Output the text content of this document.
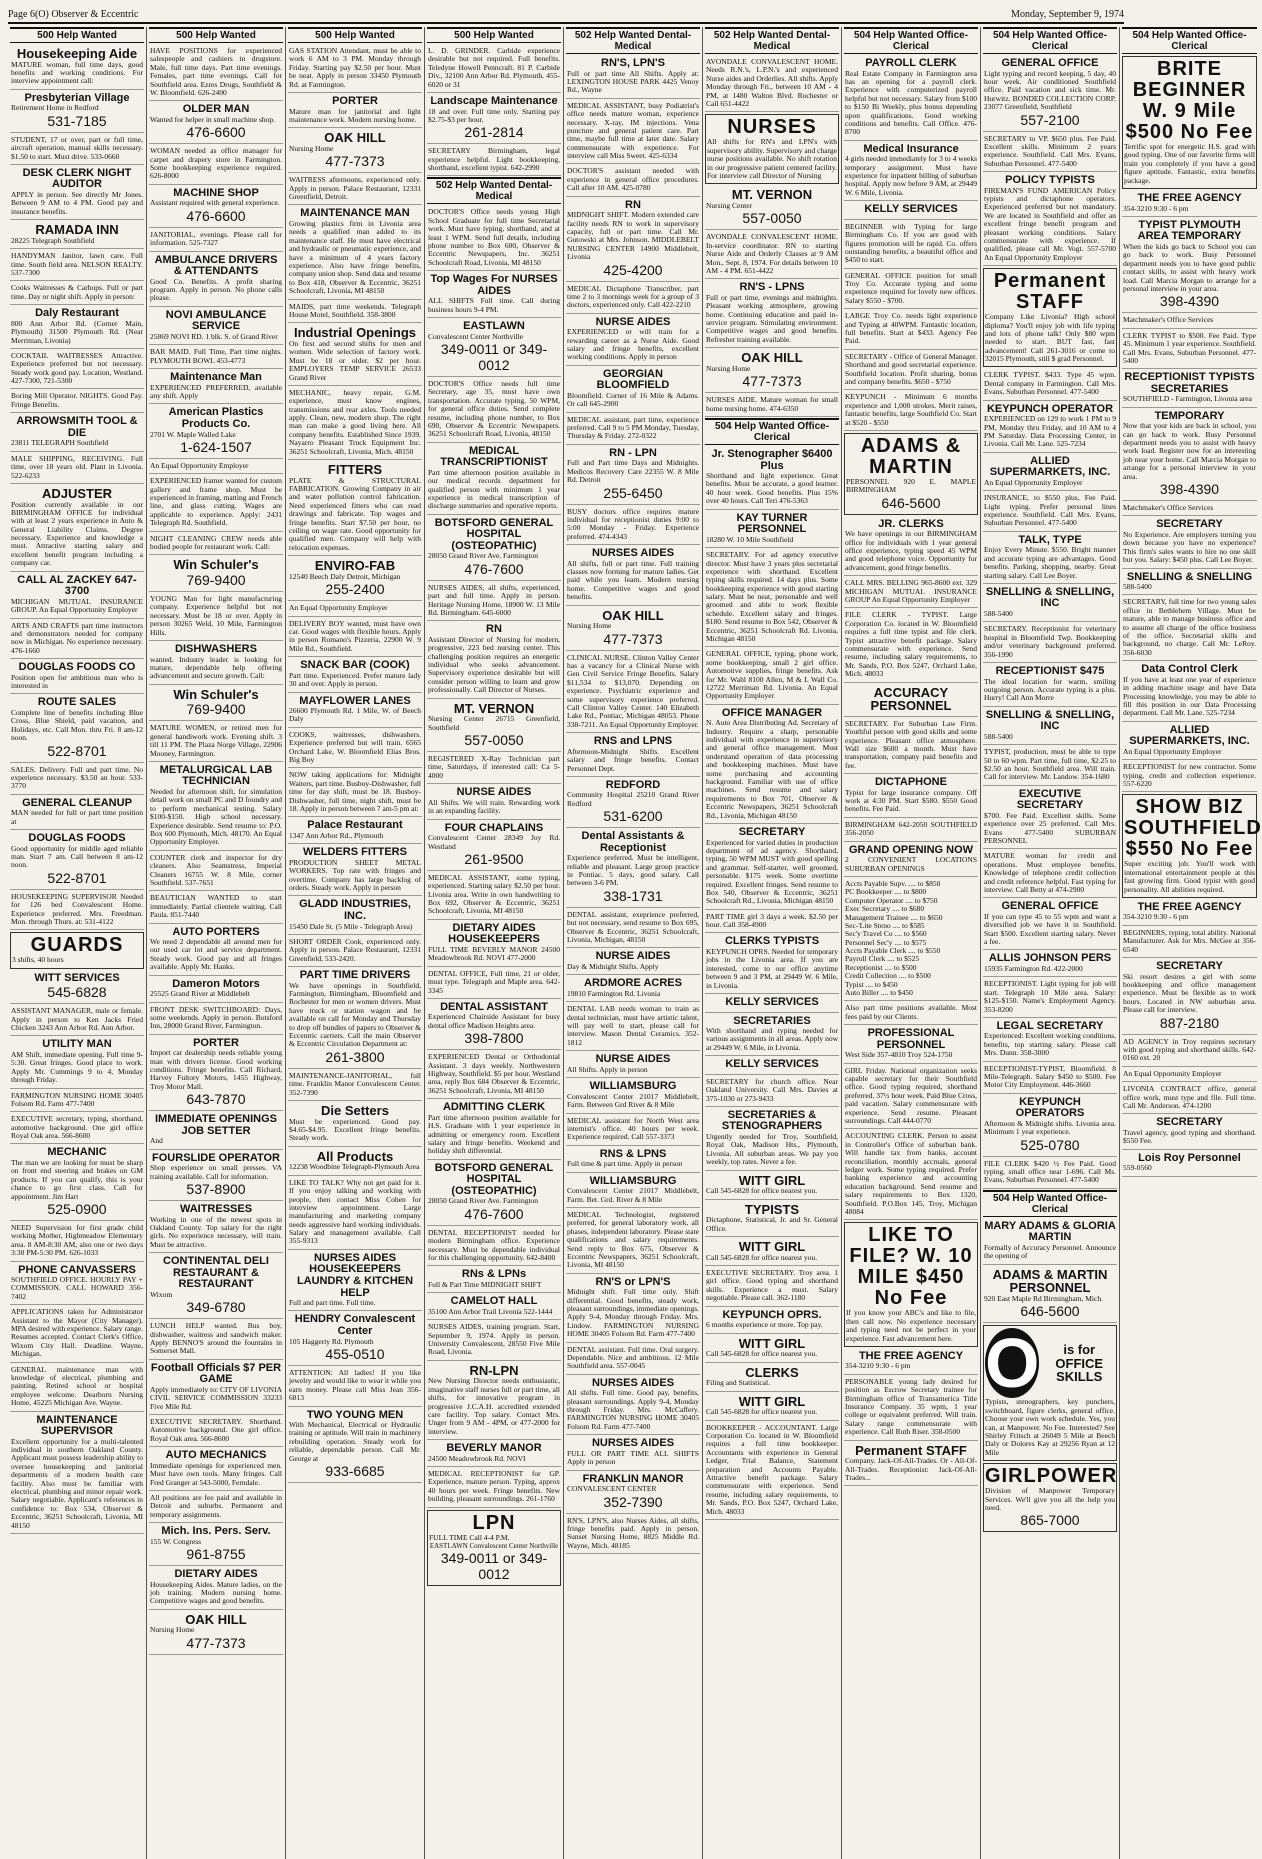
Page 6(O) Observer & Eccentric	Monday, September 9, 1974
500 Help Wanted
Housekeeping Aide
MATURE woman, full time days, good benefits and working conditions. For interview appointment call:
Presbyterian Village
Retirement Home in Redford
531-7185
STUDENT, 17 or over, part or full time, aircraft operation, manual skills necessary. $1.50 to start. Must drive. 533-0660
DESK CLERK NIGHT AUDITOR
APPLY in person. See directly Mr Jones. Between 9 AM to 4 PM. Good pay and insurance benefits.
RAMADA INN
28225 Telegraph Southfield
HANDYMAN Janitor, lawn care. Full time. South field area. NELSON REALTY. 537-7300
Cooks Waitresses & Carhops. Full or part time. Day or night shift. Apply in person:
Daly Restaurant
800 Ann Arbor Rd. (Corner Main, Plymouth) 31500 Plymouth Rd. (Near Merriman, Livonia)
COCKTAIL WAITRESSES Attractive. Experience preferred but not necessary. Steady work good pay. Location, Westland. 427-7300, 721-5300
Boring Mill Operator. NIGHTS. Good Pay. Fringe Benefits.
ARROWSMITH TOOL & DIE
23811 TELEGRAPH Southfield
MALE SHIPPING, RECEIVING. Full time, over 18 years old. Plant in Livonia. 522-6233
ADJUSTER
Position currently available in our BIRMINGHAM OFFICE for individual with at least 2 years experience in Auto & General Liability Claims. Degree necessary. Experience and knowledge a must. Attractive starting salary and excellent benefit program including a company car.
CALL AL ZACKEY 647-3700
MICHIGAN MUTUAL INSURANCE GROUP. An Equal Opportunity Employer
ARTS AND CRAFTS part time instructors and demonstrators needed for company now in Michigan. No experience necessary. 476-1660
DOUGLAS FOODS CO
Position open for ambitious man who is interested in
ROUTE SALES
Complete line of benefits including Blue Cross, Blue Shield, paid vacation, and Holidays, etc. Call Mon. thru Fri. 8 am-12 noon.
522-8701
SALES. Delivery. Full and part time. No experience necessary. $3.50 an hour. 533-3770
GENERAL CLEANUP
MAN needed for full or part time position at
DOUGLAS FOODS
Good opportunity for middle aged reliable man. Start 7 am. Call between 8 am-12 noon.
522-8701
HOUSEKEEPING SUPERVISOR Needed for 126 bed Convalescent Home. Experience preferred. Mrs. Freedman. Mon. through Thurs. at: 531-4122
GUARDS
3 shifts, 40 hours
WITT SERVICES
545-6828
ASSISTANT MANAGER, male or female. Apply in person to Ken Jacks Fried Chicken 3243 Ann Arbor Rd. Ann Arbor.
UTILITY MAN
AM Shift, immediate opening. Full time 9-5:30. Great fringes. Good place to work. Apply Mr. Cummings 9 to 4, Monday through Friday.
FARMINGTON NURSING HOME 30405 Folsom Rd. Farm 477-7400
EXECUTIVE secretary, typing, shorthand, automotive background. One girl office Royal Oak area. 566-8600
MECHANIC
The man we are looking for must be sharp on front end steering and brakes on GM products. If you can qualify, this is your chance to go first class. Call for appointment. Jim Hart
525-0900
NEED Supervision for first grade child working Mother, Highmeadow Elementary area. 8 AM-8:30 AM, also one or two days 3:30 PM-5:30 PM. 626-1033
PHONE CANVASSERS
SOUTHFIELD OFFICE. HOURLY PAY + COMMISSION. CALL HOWARD 356-7402
APPLICATIONS taken for Administrator Assistant to the Mayor (City Manager). MPA desired with experience. Salary range. Resumes accepted. Contact Clerk's Office, Wixom City Hall. Deadline. Wayne, Michigan.
GENERAL maintenance man with knowledge of electrical, plumbing and painting. Retired school or hospital employee welcome. Dearborn Nursing Home, 45225 Michigan Ave. Wayne.
MAINTENANCE SUPERVISOR
Excellent opportunity for a multi-talented individual in southern Oakland County. Applicant must possess leadership ability to oversee housekeeping and janitorial departments of a modern health care facility. Also must be familiar with electrical, plumbing and minor repair work. Salary negotiable. Applicant's references in confidence to: Box 534, Observer & Eccentric, 36251 Schoolcraft, Livonia, MI 48150
500 Help Wanted
HAVE POSITIONS for experienced salespeople and cashiers in drugstore. Male, full time days. Part time evenings. Females, part time evenings. Call for Southfield area. Ezres Drugs, Southfield & W. Bloomfield. 626-2400
OLDER MAN
Wanted for helper in small machine shop.
476-6600
WOMAN needed as office manager for carpet and drapery store in Farmington. Some bookkeeping experience required. 626-8000
MACHINE SHOP
Assistant required with general experience.
476-6600
JANITORIAL, evenings. Please call for information. 525-7327
AMBULANCE DRIVERS & ATTENDANTS
Good Co. Benefits. A profit sharing program. Apply in person. No phone calls please.
NOVI AMBULANCE SERVICE
25869 NOVI RD. 1 blk. S. of Grand River
BAR MAID. Full Time, Part time nights. PLYMOUTH BOWL 453-4773
Maintenance Man
EXPERIENCED PREFERRED, available any shift. Apply
American Plastics Products Co.
2701 W. Maple Walled Lake
1-624-1507
An Equal Opportunity Employer
EXPERIENCED framer wanted for custom gallery and frame shop. Must be experienced in framing, matting and French line, and glass cutting. Wages are applicable to experience. Apply: 2431 Telegraph Rd. Southfield.
NIGHT CLEANING CREW needs able bodied people for restaurant work. Call:
Win Schuler's
769-9400
YOUNG Man for light manufacturing company. Experience helpful but not necessary. Must be 18 or over. Apply in person 30265 Weld, 10 Mile, Farmington Hills.
DISHWASHERS
wanted. Industry leader is looking for mature, dependable help offering advancement and secure growth. Call:
Win Schuler's
769-9400
MATURE WOMEN, or retired men for general handiwork work. Evening shift. 3 till 11 PM. The Plaza Norge Village, 22906 Mooney, Farmington.
METALURGICAL LAB TECHNICIAN
Needed for afternoon shift, for simulation detail work on small PC and D foundry and to perform mechanical testing. Salary $100-$150. High school necessary. Experience desirable. Send resume to: P.O. Box 600 Plymouth, Mich. 48170. An Equal Opportunity Employer.
COUNTER clerk and inspector for dry cleaners. Also Seamstress, Imperial Cleaners 16755 W. 8 Mile, corner Southfield. 537-7651
BEAUTICIAN WANTED to start immediately. Partial clientele waiting. Call Paula. 851-7440
AUTO PORTERS
We need 2 dependable all around men for our used car lot and service department. Steady work. Good pay and all fringes available. Apply Mr. Hanks.
Dameron Motors
25525 Grand River at Middlebelt
FRONT DESK SWITCHBOARD: Days, some weekends. Apply in person. Botsford Inn, 28000 Grand River, Farmington.
PORTER
Import car dealership needs reliable young man with drivers license. Good working conditions. Fringe benefits. Call Richard, Harvey Fultory Motors, 1455 Highway, Troy Motor Mall.
643-7870
IMMEDIATE OPENINGS JOB SETTER
And
FOURSLIDE OPERATOR
Shop experience on small presses. VA training available. Call for information.
537-8900
WAITRESSES
Working in one of the newest spots in Oakland County. Top salary for the right girls. No experience necessary, will train. Must be attractive.
CONTINENTAL DELI RESTAURANT & RESTAURANT
Wixom
349-6780
LUNCH HELP wanted. Bus boy, dishwasher, waitress and sandwich maker. Apply BENNO'S around the fountains in Somerset Mall.
Football Officials $7 PER GAME
Apply immediately to: CITY OF LIVONIA CIVIL SERVICE COMMISSION 33233 Five Mile Rd.
EXECUTIVE SECRETARY. Shorthand. Automotive background. One girl office. Royal Oak area. 566-8600
AUTO MECHANICS
Immediate openings for experienced men. Must have own tools. Many fringes. Call Fred Granger at 543-5000, Ferndale.
All positions are fee paid and available in Detroit and suburbs. Permanent and temporary assignments.
Mich. Ins. Pers. Serv.
155 W. Congress
961-8755
DIETARY AIDES
Housekeeping Aides. Mature ladies, on the job training. Modern nursing home. Competitive wages and good benefits.
OAK HILL
Nursing Home
477-7373
500 Help Wanted
GAS STATION Attendant, must be able to work 6 AM to 3 PM. Monday through Friday. Starting pay $2.50 per hour. Must be neat. Apply in person 33450 Plymouth Rd. at Farmington.
PORTER
Mature man for janitorial and light maintenance work. Modern nursing home.
OAK HILL
Nursing Home
477-7373
WAITRESS afternoons, experienced only. Apply in person. Palace Restaurant, 12331 Greenfield, Detroit.
MAINTENANCE MAN
Growing plastics firm in Livonia area needs a qualified man added to its maintenance staff. He must have electrical and hydraulic or pneumatic experience, and have a minimum of 4 years factory experience. Also have fringe benefits, company union shop. Send data and resume to Box 418, Observer & Eccentric, 36251 Schoolcraft, Livonia, MI 48150
MAIDS, part time weekends. Telegraph House Motel, Southfield. 358-3800
Industrial Openings
On first and second shifts for men and women. Wide selection of factory work. Must be 18 or older. $2 per hour. EMPLOYERS TEMP SERVICE 26533 Grand River
MECHANIC, heavy repair, G.M. experience, must know engines, transmissions and rear axles. Tools needed apply. Clean, new, modern shop. The right man can make a good living here. All company benefits. Established Since 1939. Nayarro Pleasant Truck Equipment Inc. 36251 Schoolcraft, Livonia, Mich. 48150
FITTERS
PLATE & STRUCTURAL FABRICATION. Growing Company in air and water pollution control fabrication. Need experienced fitters who can read drawings and fabricate. Top wages and fringe benefits. Start $7.50 per hour, no ceiling on wage rate. Good opportunity for qualified men. Company will help with relocation expenses.
ENVIRO-FAB
12540 Beech Daly Detroit, Michigan
255-2400
An Equal Opportunity Employer
DELIVERY BOY wanted, must have own car. Good wages with flexible hours. Apply in person Romano's Pizzeria, 22900 W. 9 Mile Rd., Southfield.
SNACK BAR (COOK)
Part time. Experienced. Prefer mature lady 30 and over. Apply in person.
MAYFLOWER LANES
26600 Plymouth Rd. 1 Mile, W. of Beech Daly
COOKS, waitresses, dishwashers. Experience preferred but will train. 6565 Orchard Lake, W. Bloomfield Elias Bros. Big Boy
NOW taking applications for: Midnight Waiters, part time. Busboy-Dishwasher, full time for day shift, must be 18. Busboy-Dishwasher, full time, night shift, must be 18. Apply in person between 7 am-5 pm at:
Palace Restaurant
1347 Ann Arbor Rd., Plymouth
WELDERS FITTERS
PRODUCTION SHEET METAL WORKERS. Top rate with fringes and overtime. Company has large backlog of orders. Steady work. Apply in person
GLADD INDUSTRIES, INC.
15450 Dale St. (5 Mile - Telegraph Area)
SHORT ORDER Cook, experienced only. Apply in person. Palace Restaurant, 12331 Greenfield, 533-2420.
PART TIME DRIVERS
We have openings in Southfield, Farmington, Birmingham, Bloomfield and Rochester for men or women drivers. Must have truck or station wagon and be available on call for Monday and Thursday to drop off bundles of papers to Observer & Eccentric carriers. Call the main Observer & Eccentric Circulation Department at:
261-3800
MAINTENANCE-JANITORIAL, full time. Franklin Manor Convalescent Center. 352-7390
Die Setters
Must be experienced. Good pay. $4.65-$4.95. Excellent fringe benefits. Steady work.
All Products
12238 Woodbine Telegraph-Plymouth Area
LIKE TO TALK? Why not get paid for it. If you enjoy talking and working with people, then contact Miss Cohen for interview appointment. Large manufacturing and marketing company needs aggressive hard working individuals. Salary and management available. Call 355-9313
NURSES AIDES HOUSEKEEPERS LAUNDRY & KITCHEN HELP
Full and part time. Full time.
HENDRY Convalescent Center
105 Haggerty Rd. Plymouth
455-0510
ATTENTION: All ladies! If you like jewelry and would like to wear it while you earn money. Please call Miss Jean 356-6813
TWO YOUNG MEN
With Mechanical, Electrical or Hydraulic training or aptitude. Will train in machinery rebuilding operation. Steady work for reliable, dependable person. Call Mr. George at
933-6685
500 Help Wanted
L. D. GRINDER. Carbide experience desirable but not required. Full benefits. Teledyne Howell Penncraft. 81 P. Carbide Div., 32100 Ann Arbor Rd. Plymouth. 455-6020 or 31
Landscape Maintenance
18 and over. Full time only. Starting pay $2.75-$3 per hour.
261-2814
SECRETARY Birmingham, legal experience helpful. Light bookkeeping, shorthand, excellent typist. 642-2990
502 Help Wanted Dental-Medical
DOCTOR'S Office needs young High School Graduate for full time Secretarial work. Must have typing, shorthand, and at least 1 WPM. Send full details, including phone number to Box 600, Observer & Eccentric Newspapers, Inc. 36251 Schoolcraft Road, Livonia, MI 48150
Top Wages For NURSES AIDES
ALL SHIFTS Full time. Call during business hours 9-4 PM.
EASTLAWN
Convalescent Center Northville
349-0011 or 349-0012
DOCTOR'S Office needs full time Secretary, age 35, must have own transportation. Accurate typing, 50 WPM, for general office duties. Send complete resume, including phone number, to Box 690, Observer & Eccentric Newspapers. 36251 Schoolcraft Road, Livonia, 48150
MEDICAL TRANSCRIPTIONIST
Part time afternoon position available in our medical records department for qualified person with minimum 1 year experience in medical transcription of discharge summaries and operative reports.
BOTSFORD GENERAL HOSPITAL (OSTEOPATHIC)
28050 Grand River Ave. Farmington
476-7600
NURSES AIDES, all shifts, experienced, part and full time. Apply in person. Heritage Nursing Home, 18900 W. 13 Mile Rd. Birmingham. 645-6000
RN
Assistant Director of Nursing for modern, progressive, 223 bed nursing center. This challenging position requires an energetic individual who seeks advancement. Supervisory experience desirable but will consider person willing to learn and grow professionally. Call Director of Nurses.
MT. VERNON
Nursing Center 26715 Greenfield, Southfield
557-0050
REGISTERED X-Ray Technician part time, Saturdays, if interested call: Ca 5-4000
NURSE AIDES
All Shifts. We will train. Rewarding work in an expanding facility.
FOUR CHAPLAINS
Convalescent Center 28349 Joy Rd. Westland
261-9500
MEDICAL ASSISTANT, some typing, experienced. Starting salary $2.50 per hour. Livonia area. Write in own handwriting to Box 692, Observer & Eccentric, 36251 Schoolcraft, Livonia, MI 48150
DIETARY AIDES HOUSEKEEPERS
FULL TIME BEVERLY MANOR 24500 Meadowbrook Rd. NOVI 477-2000
DENTAL OFFICE, Full time, 21 or older, must type. Telegraph and Maple area. 642-3345
DENTAL ASSISTANT
Experienced Chairside Assistant for busy dental office Madison Heights area.
398-7800
EXPERIENCED Dental or Orthodontal Assistant. 3 days weekly. Northwestern Highway, Southfield. $5 per hour. Westland area, reply Box 684 Observer & Eccentric, 36251 Schoolcraft, Livonia, MI 48150
ADMITTING CLERK
Part time afternoon position available for H.S. Graduate with 1 year experience in admitting or emergency room. Excellent salary and fringe benefits. Weekend and holiday shift differential.
BOTSFORD GENERAL HOSPITAL (OSTEOPATHIC)
28050 Grand River Ave. Farmington
476-7600
DENTAL RECEPTIONIST needed for modern Birmingham office. Experience necessary. Must be dependable individual for this challenging opportunity. 642-8400
RNs & LPNs
Full & Part Time MIDNIGHT SHIFT
CAMELOT HALL
35100 Ann Arbor Trail Livonia 522-1444
NURSES AIDES, training program. Start, September 9, 1974. Apply in person. University Convalescent, 28550 Five Mile Road, Livonia.
RN-LPN
New Nursing Director needs enthusiastic, imaginative staff nurses full or part time, all shifts, for innovative program in progressive J.C.A.H. accredited extended care facility. Top salary. Contact Mrs. Unger from 9 AM - 4PM, or 477-2000 for interview.
BEVERLY MANOR
24500 Meadowbrook Rd. NOVI
MEDICAL RECEPTIONIST for GP. Experience, mature person. Typing, approx 40 hours per week. Fringe benefits. New building, pleasant surroundings. 261-1760
LPN
FULL TIME Call 4-4 P.M.
EASTLAWN Convalescent Center Northville
349-0011 or 349-0012
502 Help Wanted Dental-Medical
RN'S, LPN'S
Full or part time All Shifts. Apply at: LEXINGTON HOUSE PARK 4425 Venoy Rd., Wayne
MEDICAL ASSISTANT, busy Podiatrist's office needs mature woman, experience necessary. X-ray, IM injections. Vena puncture and general patient care. Part time, maybe full time at later date. Salary commensurate with experience. For interview call Miss Sweet. 425-6334
DOCTOR'S assistant needed with experience in general office procedures. Call after 10 AM. 425-0780
RN
MIDNIGHT SHIFT. Modern extended care facility needs RN to work in supervisory capacity, full or part time. Call Mr. Gutowski at Mrs. Johnson. MIDDLEBELT NURSING CENTER 14900 Middlebelt, Livonia
425-4200
MEDICAL Dictaphone Transcriber, part time 2 to 3 mornings week for a group of 3 doctors, experienced only. Call 422-2210
NURSE AIDES
EXPERIENCED or will train for a rewarding career as a Nurse Aide. Good salary and fringe benefits, excellent working conditions. Apply in person
GEORGIAN BLOOMFIELD
Bloomfield. Corner of 16 Mile & Adams. Or call 645-2900
MEDICAL assistant, part time, experience preferred. Call 9 to 5 PM Monday, Tuesday, Thursday & Friday. 272-0322
RN - LPN
Full and Part time Days and Midnights. Medicos Recovery Care 22355 W. 8 Mile Rd. Detroit
255-6450
BUSY doctors office requires mature individual for receptionist duties 9:00 to 5:00 Monday - Friday. Experience preferred. 474-4343
NURSES AIDES
All shifts, full or part time. Full training classes now forming for mature ladies. Get paid while you learn. Modern nursing home. Competitive wages and good benefits.
OAK HILL
Nursing Home
477-7373
CLINICAL NURSE. Clinton Valley Center has a vacancy for a Clinical Nurse with Gen Civil Service Fringe Benefits. Salary $11,534 to $13,070. Depending on experience. Psychiatric experience and some supervisory experience preferred. Call Clinton Valley Center. 140 Elizabeth Lake Rd., Pontiac, Michigan 48053. Phone 338-7211. An Equal Opportunity Employer.
RNS and LPNS
Afternoon-Midnight Shifts. Excellent salary and fringe benefits. Contact Personnel Dept.
REDFORD
Community Hospital 25210 Grand River Redford
531-6200
Dental Assistants & Receptionist
Experience preferred. Must be intelligent, reliable and pleasant. Large group practice in Pontiac. 5 days, good salary. Call between 3-6 PM.
338-1731
DENTAL assistant, exeprience preferred, but not necessary, send resume to Box 695, Observer & Eccentric, 36251 Schoolcraft, Livonia, Michigan, 48150
NURSE AIDES
Day & Midnight Shifts. Apply
ARDMORE ACRES
19810 Farmington Rd. Livonia
DENTAL LAB needs woman to train as dental technician, must have artistic talent, will pay well to start, please call for interview. Mason Dental Ceramics. 352-1812
NURSE AIDES
All Shifts. Apply in person
WILLIAMSBURG
Convalescent Center 21017 Middlebelt, Farm. Between Grd River & 8 Mile
MEDICAL assistant for North West area internist's office. 40 hours per week. Experience required. Call 557-3373
RNS & LPNS
Full time & part time. Apply in person
WILLIAMSBURG
Convalescent Center 21017 Middlebelt, Farm. Bet. Grd. River & 8 Mile
MEDICAL Technologist, registered preferred, for general laboratory work, all phases, independent laboratory. Please state qualifications and salary requirements. Send reply to Box 675, Observer & Eccentric Newspapers, 36251 Schoolcraft, Livonia, MI 48150
RN'S or LPN'S
Midnight shift. Full time only. Shift differential. Good benefits, steady work, pleasant surroundings, immediate openings. Apply 9-4, Monday through Friday. Mrs. Lindow. FARMINGTON NURSING HOME 30405 Folsom Rd. Farm 477-7400
DENTAL assistant. Full time. Oral surgery. Dependable. Nice and ambitious. 12 Mile Southfield area. 557-0045
NURSES AIDES
All shifts. Full time. Good pay, benefits, pleasant surroundings. Apply 9-4, Monday through Friday. Mrs. McCaffery. FARMINGTON NURSING HOME 30405 Folsom Rd. Farm 477-7400
NURSES AIDES
FULL OR PART TIME ALL SHIFTS Apply in person
FRANKLIN MANOR
CONVALESCENT CENTER
352-7390
RN'S, LPN'S, also Nurses Aides, all shifts, fringe benefits paid. Apply in person. Sunset Nursing Home, 8825 Middle Rd. Wayne, Mich. 48185
502 Help Wanted Dental-Medical
AVONDALE CONVALESCENT HOME. Needs R.N.'s, L.P.N.'s and experienced Nurse aides and Orderlies. All shifts. Apply Monday through Fri., between 10 AM - 4 PM, at 1480 Walton Blvd. Rochester or Call 651-4422
NURSES
All shifts for RN's and LPN's with supervisory ability. Supervisory and charge nurse positions available. No shift rotation in our progressive patient centered facility. For interview call Director of Nursing
MT. VERNON
Nursing Center
557-0050
AVONDALE CONVALESCENT HOME. In-service coordinator. RN to starting Nurse Aide and Orderly Classes at 9 AM Mon., Sept. 8, 1974. For details between 10 AM - 4 PM. 651-4422
RN'S - LPNS
Full or part time, evenings and midnights. Pleasant working atmosphere, growing home. Continuing education and paid in-service program. Stimulating environment. Competitive wages and good benefits. Refresher training available.
OAK HILL
Nursing Home
477-7373
NURSES AIDE. Mature woman for small home nursing home. 474-6350
504 Help Wanted Office-Clerical
Jr. Stenographer $6400 Plus
Shorthand and light experience. Great benefits. Must be accurate, a good learner. 40 hour week. Good benefits. Plus 15% over 40 hours. Call Teri 476-5363
KAY TURNER PERSONNEL
18280 W. 10 Mile Southfield
SECRETARY. For ad agency executive director. Must have 3 years plus secretarial experience with shorthand. Excellent typing skills required. 14 days plus. Some bookkeeping experience with good starting salary. Must be neat, personable and well groomed and able to work flexible schedule. Excellent salary and fringes. $180. Send resume to Box 542, Observer & Eccentric, 36251 Schoolcraft Rd. Livonia, Michigan 48150
GENERAL OFFICE, typing, phone work, some bookkeeping, small 2 girl office. Automotive supplies, fringe benefits. Ask for Mr. Wahl 8100 Allen, M & L Wall Co. 12722 Merriman Rd. Livonia. An Equal Opportunity Employer
OFFICE MANAGER
N. Auto Area Distributing Ad. Secretary of Industry. Require a sharp, personable individual with experience in supervisory and general office management. Must understand operation of data processing and bookkeeping machines. Must have some purchasing and accounting background. Familiar with use of office machines. Send resume and salary requirements to Box 701, Observer & Eccentric Newspapers, 36251 Schoolcraft Rd., Livonia, Michigan 48150
SECRETARY
Experienced for varied duties in production department of ad agency. Shorthand, typing, 50 WPM MUST with good spelling and grammar. Self-starter, well groomed, personable. $175 week. Some overtime required. Excellent fringes. Send resume to Box 540, Observer & Eccentric, 36251 Schoolcraft Rd., Livonia, Michigan 48150
PART TIME girl 3 days a week. $2.50 per hour. Call 358-4900
CLERKS TYPISTS
KEYPUNCH OPRS. Needed for temporary jobs in the Livonia area. If you are interested, come to our office anytime between 9 and 3 PM, at 29449 W. 6 Mile, in Livonia.
KELLY SERVICES
SECRETARIES
With shorthand and typing needed for various assignments in all areas. Apply now at 29449 W. 6 Mile, in Livonia.
KELLY SERVICES
SECRETARY for church office. Near Oakland University. Call Mrs. Davies at 375-1030 or 273-9433
SECRETARIES & STENOGRAPHERS
Urgently needed for Troy, Southfield, Royal Oak, Madison Hts., Plymouth, Livonia. All suburban areas. We pay you weekly, top rates. Never a fee.
WITT GIRL
Call 545-6828 for office nearest you.
TYPISTS
Dictaphone, Statistical, Jr. and Sr. General Office.
WITT GIRL
Call 545-6828 for office nearest you.
EXECUTIVE SECRETARY. Troy area. 1 girl office. Good typing and shorthand skills. Experience a must. Salary negotiable. Please call. 362-1180
KEYPUNCH OPRS.
6 months experience or more. Top pay.
WITT GIRL
Call 545-6828 for office nearest you.
CLERKS
Filing and Statistical.
WITT GIRL
Call 545-6828 for office nearest you.
BOOKKEEPER - ACCOUNTANT. Large Corporation Co. located in W. Bloomfield requires a full time bookkeeper. Accountants with experience in General Ledger, Trial Balance, Statement preparation and Accounts Payable. Attractive benefit package. Salary commensurate with experience. Send resume, including salary requirements, to Mr. Sands, P.O. Box 5247, Orchard Lake, Mich. 48033
504 Help Wanted Office-Clerical
PAYROLL CLERK
Real Estate Company in Farmington area has an opening for a payroll clerk. Experience with computerized payroll helpful but not necessary. Salary from $100 to $150 Bi Weekly, plus bonus depending upon qualifications. Good working conditions and benefits. Call Office. 476-8700
Medical Insurance
4 girls needed immediately for 3 to 4 weeks temporary assignment. Must have experience for inpatient billing of suburban hospital. Apply now before 9 AM, at 29449 W. 6 Mile, Livonia.
KELLY SERVICES
BEGINNER with Typing for large Birmingham Co. If you are good with figures promotion will be rapid. Co. offers outstanding benefits, a beautiful office and $450 to start.
GENERAL OFFICE position for small Troy Co. Accurate typing and some experience required for lovely new offices. Salary $550 - $700.
LARGE Troy Co. needs light experience and Typing at 40WPM. Fantastic location, full benefits. Start at $433. Agency Fee Paid.
SECRETARY - Office of General Manager. Shorthand and good secretarial experience. Southfield location. Profit sharing, bonus and company benefits. $650 - $750
KEYPUNCH - Minimum 6 months experience and 1,000 strokes. Merit raises, fantastic benefits, large Southfield Co. Start at $520 - $550
ADAMS & MARTIN
PERSONNEL 920 E. MAPLE BIRMINGHAM
646-5600
JR. CLERKS
We have openings in our BIRMINGHAM office for individuals with 1 year general office experience, typing speed 45 WPM and good telephone voice. Opportunity for advancement, good fringe benefits.
CALL MRS. BELLING 965-8600 ext. 329 MICHIGAN MUTUAL INSURANCE GROUP An Equal Opportunity Employer
FILE CLERK - TYPIST. Large Corporation Co. located in W. Bloomfield requires a full time typist and file clerk. Typist attractive benefit package. Salary commensurate with experience. Send resume, including salary requirements, to Mr. Sands, P.O. Box 5247, Orchard Lake, Mich. 48033
ACCURACY PERSONNEL
SECRETARY. For Suburban Law Firm. Youthful person with good skills and some experience. Pleasant office atmosphere. Wall size $600 a month. Must have transportation, company paid benefits and fee.
DICTAPHONE
Typist for large insurance company. Off work at 4:30 PM. Start $580. $550 Good benefits. Fee Paid.
BIRMINGHAM 642-2050 SOUTHFIELD 356-2050
GRAND OPENING NOW
2 CONVENIENT LOCATIONS SUBURBAN OPENINGS
Accts Payable Supv. .... to $850
PC Bookkeeper .... to $800
Computer Operator .... to $750
Exec Secretary .... to $680
Management Trainee .... to $650
Sec-'Lite Steno .... to $585
Sec'y Travel Co .... to $560
Personnel Sec'y .... to $575
Accts Payable Clerk .... to $550
Payroll Clerk .... to $525
Receptionist .... to $500
Credit Collection .... to $500
Typist .... to $450
Auto Biller .... to $450
Also part time positions available. Most fees paid by our Clients.
PROFESSIONAL PERSONNEL
West Side 357-4810 Troy 524-1750
GIRL Friday. National organization seeks capable secretary for their Southfield office. Good typing required, shorthand preferred. 37½ hour week. Paid Blue Cross, paid vacation. Salary commensurate with experience. Send resume. Pleasant surroundings. Call 444-0770
ACCOUNTING CLERK. Person to assist in Controller's Office of suburban bank. Will handle tax from banks, account reconciliation, monthly accruals, general ledger work. Some typing required. Prefer banking experience and accounting education background. Send resume and salary requirements to Box 1320, Southfield. P.O.Box 145, Troy, Michigan 48084
LIKE TO FILE? W. 10 MILE $450 No Fee
If you know your ABC's and like to file, then call now. No experience necessary and typing need not be perfect in your experience. Fast advancement here.
THE FREE AGENCY
354-3210 9:30 - 6 pm
PERSONABLE young lady desired for position as Escrow Secretary trainee for Birmingham office of Transamerica Title Insurance Company. 35 wpm, 1 year college or equivalent preferred. Will train. Salary range commensurate with experience. Call Ruth Riser. 358-0500
Permanent STAFF
Company. Jack-Of-All-Trades. Or - All-Of-All-Trades. Receptionist: Jack-Of-All-Trades...
504 Help Wanted Office-Clerical
GENERAL OFFICE
Light typing and record keeping, 5 day, 40 hour week. Air conditioned Southfield office. Paid vacation and sick time. Mr. Hurwitz. BONDED COLLECTION CORP. 23077 Greenfield, Southfield
557-2100
SECRETARY to VP. $650 plus. Fee Paid. Excellent skills. Minimum 2 years experience. Southfield. Call Mrs. Evans, Suburban Personnel. 477-5400
POLICY TYPISTS
FIREMAN'S FUND AMERICAN Policy typists and dictaphone operators. Experienced preferred but not mandatory. We are located in Southfield and offer an excellent fringe benefit program and pleasant working conditions. Salary commensurate with experience. If qualified, please call Mr. Vogt. 557-5700 An Equal Opportunity Employer
Permanent STAFF
Company Like Livonia? High school diploma? You'll enjoy job with life typing and lots of phone talk! Only $80 wpm needed to start. BUT fast, fast advancement! Call 261-3016 or come to 32015 Plymouth, still $ grad Personnel.
CLERK TYPIST. $433. Type 45 wpm. Dental company in Farmington. Call Mrs. Evans, Suburban Personnel. 477-5400
KEYPUNCH OPERATOR
EXPERIENCED on 129 to work 1 PM to 9 PM, Monday thru Friday, and 10 AM to 4 PM Saturday. Data Processing Center, in Livonia. Call Mr. Lane. 525-7234
ALLIED SUPERMARKETS, INC.
An Equal Opportunity Employer
INSURANCE, to $550 plus, Fee Paid. Light typing. Prefer personal lines experience. Southfield. Call Mrs. Evans, Suburban Personnel. 477-5400
TALK, TYPE
Enjoy Every Minute. $550. Bright manner and accurate typing are advantages. Good benefits. Parking, shopping, nearby. Great starting salary. Call Lee Boyer.
SNELLING & SNELLING, INC
588-5400
SECRETARY. Receptionist for veterinary hospital in Bloomfield Twp. Bookkeeping and/or veterinary background preferred. 356-1990
RECEPTIONIST $475
The ideal location for warm, smiling outgoing person. Accurate typing is a plus. Hurry! Call Ann Morre
SNELLING & SNELLING, INC
588-5400
TYPIST, production, must be able to type 50 to 60 wpm. Part time, full time, $2.25 to $2.50 an hour. Southfield area. Will train. Call for interview. Mr. Landow. 354-1680
EXECUTIVE SECRETARY
$700. Fee Paid. Excellent skills. Some experience over 25 preferred. Call Mrs. Evans 477-5400 SUBURBAN PERSONNEL
MATURE woman for credit and operations. Must employee benefits. Knowledge of telephone credit collection and credit reference helpful. Fast typing for interview. Call Betty at 474-2900
GENERAL OFFICE
If you can type 45 to 55 wpm and want a diversified job we have it in Southfield. Start $500. Excellent starting salary. Never a fee.
ALLIS JOHNSON PERS
15935 Farmington Rd. 422-2000
RECEPTIONIST. Light typing for job will start. Telegraph 10 Mile area. Salary: $125-$150. Name's Employment Agency. 353-8200
LEGAL SECRETARY
Experienced: Excellent working conditions, benefits, top starting salary. Please call Mrs. Dunn. 358-3000
RECEPTIONIST-TYPIST, Bloomfield. 8 Mile-Telegraph. Salary $450 to $500. Fee Motor City Employment. 446-3660
KEYPUNCH OPERATORS
Afternoon & Midnight shifts. Livonia area. Minimum 1 year experience.
525-0780
FILE CLERK $420 ½ Fee Paid. Good typing, small office near 1-696. Call Ms. Evans, Suburban Personnel. 477-5400
504 Help Wanted Office-Clerical
MARY ADAMS & GLORIA MARTIN
Formally of Accuracy Personnel. Announce the opening of
ADAMS & MARTIN PERSONNEL
920 East Maple Rd Birmingham, Mich.
646-5600
O	is for OFFICE SKILLS
Typists, stenographers, key punchers, switchboard, figure clerks, general office. Choose your own work schedule. Yes, you can, at Manpower. No Fee. Interested? See Shirley Fritsch at 26049 5 Mile at Beech Daly or Dolores Kay at 29256 Ryan at 12 Mile
GIRLPOWER
Division of Manpower Temporary Services. We'll give you all the help you need.
865-7000
504 Help Wanted Office-Clerical
BRITE BEGINNER W. 9 Mile $500 No Fee
Terrific spot for energetic H.S. grad with good typing. One of our favorite firms will train you completely if you have a good figure aptitude. Fantastic, extra benefits package.
THE FREE AGENCY
354-3210 9:30 - 6 pm
TYPIST PLYMOUTH AREA TEMPORARY
When the kids go back to School you can go back to work. Busy Personnel department needs you to have good public contact skills, to assist with heavy work load. Call Marcia Morgan to arrange for a personal interview in your area.
398-4390
Matchmaker's Office Services
CLERK TYPIST to $500. Fee Paid. Type 45. Minimum 1 year experience. Southfield. Call Mrs. Evans, Suburban Personnel. 477-5400
RECEPTIONIST TYPISTS SECRETARIES
SOUTHFIELD - Farmington, Livonia area
TEMPORARY
Now that your kids are back in school, you can go back to work. Busy Personnel department needs you to assist with heavy work load. Register now for an interesting job near your home. Call Marcia Morgan to arrange for a personal interview in your area.
398-4390
Matchmaker's Office Services
SECRETARY
No Experience. Are employers turning you down because you have no experience? This firm's sales wants to hire no one skill but you. Salary: $450 plus. Call Lee Boyer.
SNELLING & SNELLING
588-5400
SECRETARY, full time for two young sales office in Bethlehem Village. Must be mature, able to manage business office and to assume all charge of the office business of the office. Secretarial skills and background, no charge. Call Mr. LeRoy. 356-6030
Data Control Clerk
If you have at least one year of experience in adding machine usage and have Data Processing knowledge, you may be able to fill this position in our Data Processing department. Call Mr. Lane. 525-7234
ALLIED SUPERMARKETS, INC.
An Equal Opportunity Employer
RECEPTIONIST for new contractor. Some typing, credit and collection experience. 557-6220
SHOW BIZ SOUTHFIELD $550 No Fee
Super exciting job. You'll work with international entertainment people at this fast growing firm. Good typist with good personality. All abilities required.
THE FREE AGENCY
354-3210 9:30 - 6 pm
BEGINNERS, typing, total ability. National Manufacturer. Ask for Mrs. McGee at 356-6540
SECRETARY
Ski resort desires a girl with some bookkeeping and office management experience. Must be flexible as to work hours. Located in NW suburban area. Please call for interview.
887-2180
AD AGENCY in Troy requires secretary with good typing and shorthand skills. 642-0160 ext. 20
An Equal Opportunity Employer
LIVONIA CONTRACT office, general office work, must type and file. Full time. Call Mr. Anderson. 474-1200
SECRETARY
Travel agency, good typing and shorthand. $550 Fee.
Lois Roy Personnel
559-0560
